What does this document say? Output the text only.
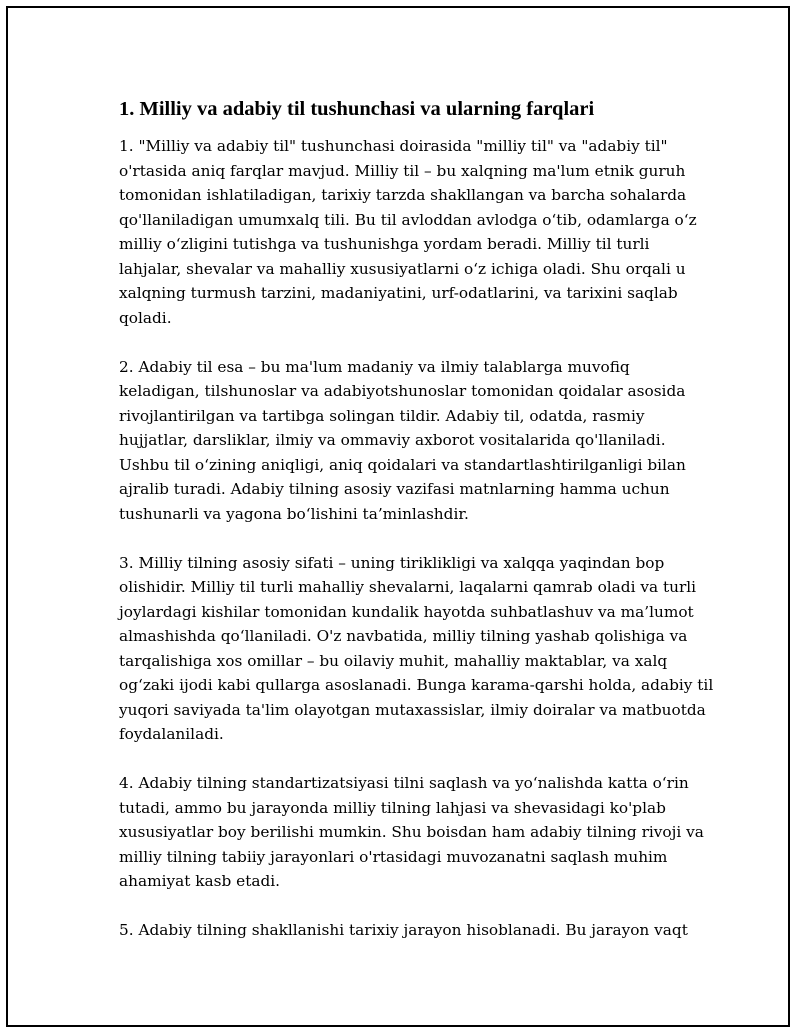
1. Milliy va adabiy til tushunchasi va ularning farqlari

1. "Milliy va adabiy til" tushunchasi doirasida "milliy til" va "adabiy til"
o'rtasida aniq farqlar mavjud. Milliy til – bu xalqning ma'lum etnik guruh
tomonidan ishlatiladigan, tarixiy tarzda shakllangan va barcha sohalarda
qo'llaniladigan umumxalq tili. Bu til avloddan avlodga o‘tib, odamlarga o‘z
milliy o‘zligini tutishga va tushunishga yordam beradi. Milliy til turli
lahjalar, shevalar va mahalliy xususiyatlarni o‘z ichiga oladi. Shu orqali u
xalqning turmush tarzini, madaniyatini, urf-odatlarini, va tarixini saqlab
qoladi.

2. Adabiy til esa – bu ma'lum madaniy va ilmiy talablarga muvofiq
keladigan, tilshunoslar va adabiyotshunoslar tomonidan qoidalar asosida
rivojlantirilgan va tartibga solingan tildir. Adabiy til, odatda, rasmiy
hujjatlar, darsliklar, ilmiy va ommaviy axborot vositalarida qo'llaniladi.
Ushbu til o‘zining aniqligi, aniq qoidalari va standartlashtirilganligi bilan
ajralib turadi. Adabiy tilning asosiy vazifasi matnlarning hamma uchun
tushunarli va yagona bo‘lishini ta’minlashdir.

3. Milliy tilning asosiy sifati – uning tiriklikligi va xalqqa yaqindan bop
olishidir. Milliy til turli mahalliy shevalarni, laqalarni qamrab oladi va turli
joylardagi kishilar tomonidan kundalik hayotda suhbatlashuv va ma’lumot
almashishda qo‘llaniladi. O'z navbatida, milliy tilning yashab qolishiga va
tarqalishiga xos omillar – bu oilaviy muhit, mahalliy maktablar, va xalq
og‘zaki ijodi kabi qullarga asoslanadi. Bunga karama-qarshi holda, adabiy til
yuqori saviyada ta'lim olayotgan mutaxassislar, ilmiy doiralar va matbuotda
foydalaniladi.

4. Adabiy tilning standartizatsiyasi tilni saqlash va yo‘nalishda katta o‘rin
tutadi, ammo bu jarayonda milliy tilning lahjasi va shevasidagi ko'plab
xususiyatlar boy berilishi mumkin. Shu boisdan ham adabiy tilning rivoji va
milliy tilning tabiiy jarayonlari o'rtasidagi muvozanatni saqlash muhim
ahamiyat kasb etadi.

5. Adabiy tilning shakllanishi tarixiy jarayon hisoblanadi. Bu jarayon vaqt
